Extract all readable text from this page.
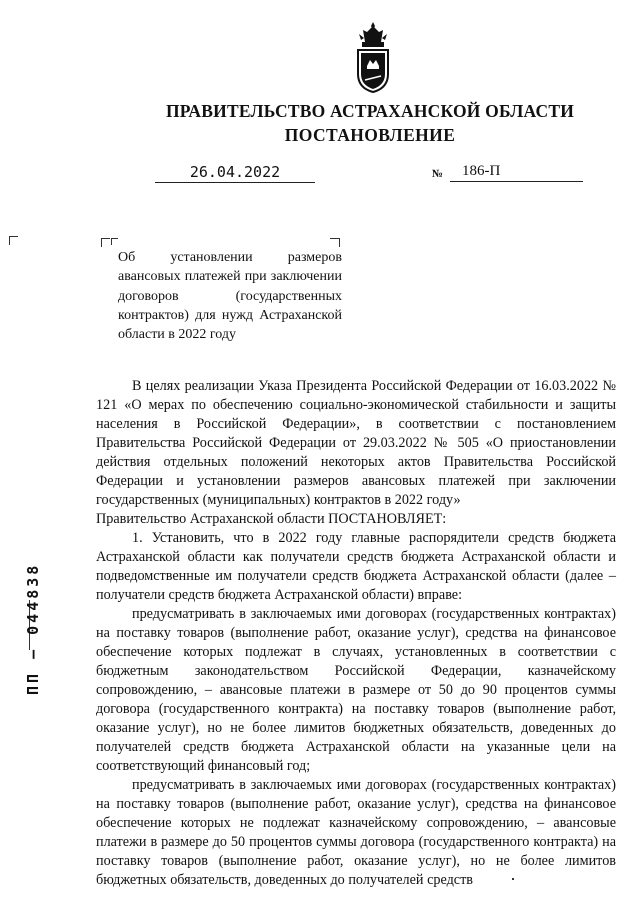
ПРАВИТЕЛЬСТВО АСТРАХАНСКОЙ ОБЛАСТИ
ПОСТАНОВЛЕНИЕ
26.04.2022	№	186-П
Об установлении размеров авансовых платежей при заключении договоров (государственных контрактов) для нужд Астраханской области в 2022 году

В целях реализации Указа Президента Российской Федерации от 16.03.2022 № 121 «О мерах по обеспечению социально-экономической стабильности и защиты населения в Российской Федерации», в соответствии с постановлением Правительства Российской Федерации от 29.03.2022 № 505 «О приостановлении действия отдельных положений некоторых актов Правительства Российской Федерации и установлении размеров авансовых платежей при заключении государственных (муниципальных) контрактов в 2022 году»

Правительство Астраханской области ПОСТАНОВЛЯЕТ:

1. Установить, что в 2022 году главные распорядители средств бюджета Астраханской области как получатели средств бюджета Астраханской области и подведомственные им получатели средств бюджета Астраханской области (далее – получатели средств бюджета Астраханской области) вправе:

предусматривать в заключаемых ими договорах (государственных контрактах) на поставку товаров (выполнение работ, оказание услуг), средства на финансовое обеспечение которых подлежат в случаях, установленных в соответствии с бюджетным законодательством Российской Федерации, казначейскому сопровождению, – авансовые платежи в размере от 50 до 90 процентов суммы договора (государственного контракта) на поставку товаров (выполнение работ, оказание услуг), но не более лимитов бюджетных обязательств, доведенных до получателей средств бюджета Астраханской области на указанные цели на соответствующий финансовый год;

предусматривать в заключаемых ими договорах (государственных контрактах) на поставку товаров (выполнение работ, оказание услуг), средства на финансовое обеспечение которых не подлежат казначейскому сопровождению, – авансовые платежи в размере до 50 процентов суммы договора (государственного контракта) на поставку товаров (выполнение работ, оказание услуг), но не более лимитов бюджетных обязательств, доведенных до получателей средств

ПП – 044838
